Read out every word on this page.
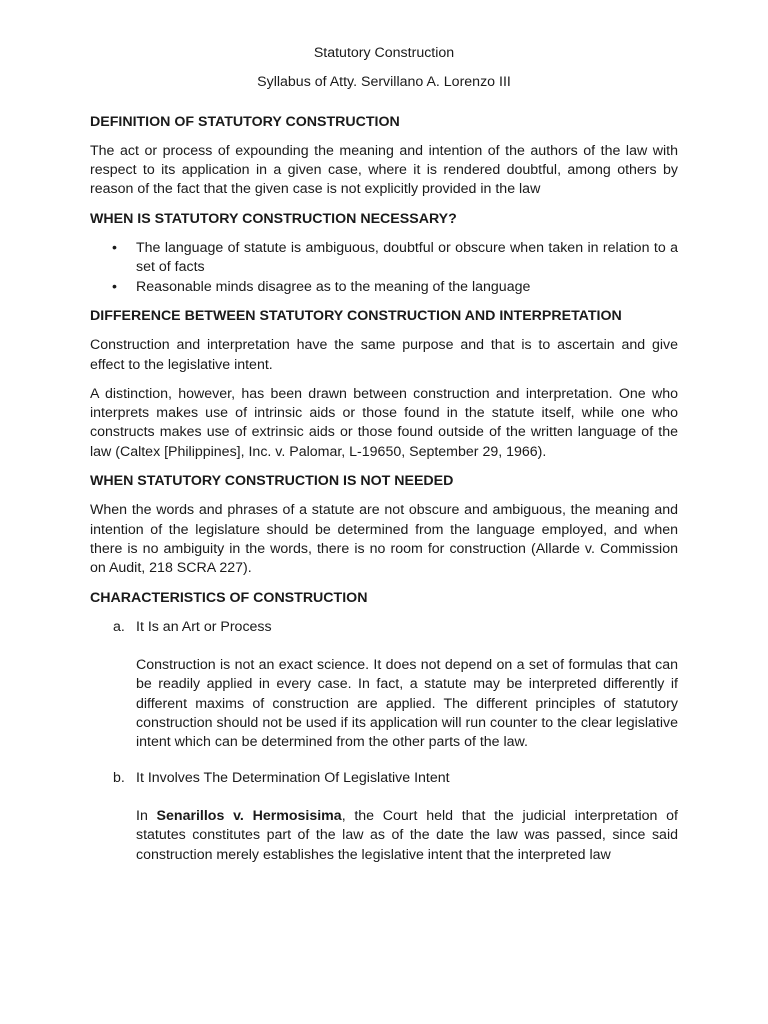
Statutory Construction
Syllabus of Atty. Servillano A. Lorenzo III
DEFINITION OF STATUTORY CONSTRUCTION

The act or process of expounding the meaning and intention of the authors of the law with respect to its application in a given case, where it is rendered doubtful, among others by reason of the fact that the given case is not explicitly provided in the law

WHEN IS STATUTORY CONSTRUCTION NECESSARY?
• The language of statute is ambiguous, doubtful or obscure when taken in relation to a set of facts
• Reasonable minds disagree as to the meaning of the language
DIFFERENCE BETWEEN STATUTORY CONSTRUCTION AND INTERPRETATION

Construction and interpretation have the same purpose and that is to ascertain and give effect to the legislative intent.

A distinction, however, has been drawn between construction and interpretation. One who interprets makes use of intrinsic aids or those found in the statute itself, while one who constructs makes use of extrinsic aids or those found outside of the written language of the law (Caltex [Philippines], Inc. v. Palomar, L-19650, September 29, 1966).

WHEN STATUTORY CONSTRUCTION IS NOT NEEDED

When the words and phrases of a statute are not obscure and ambiguous, the meaning and intention of the legislature should be determined from the language employed, and when there is no ambiguity in the words, there is no room for construction (Allarde v. Commission on Audit, 218 SCRA 227).

CHARACTERISTICS OF CONSTRUCTION
a. It Is an Art or Process

Construction is not an exact science. It does not depend on a set of formulas that can be readily applied in every case. In fact, a statute may be interpreted differently if different maxims of construction are applied. The different principles of statutory construction should not be used if its application will run counter to the clear legislative intent which can be determined from the other parts of the law.

b. It Involves The Determination Of Legislative Intent

In Senarillos v. Hermosisima, the Court held that the judicial interpretation of statutes constitutes part of the law as of the date the law was passed, since said construction merely establishes the legislative intent that the interpreted law
